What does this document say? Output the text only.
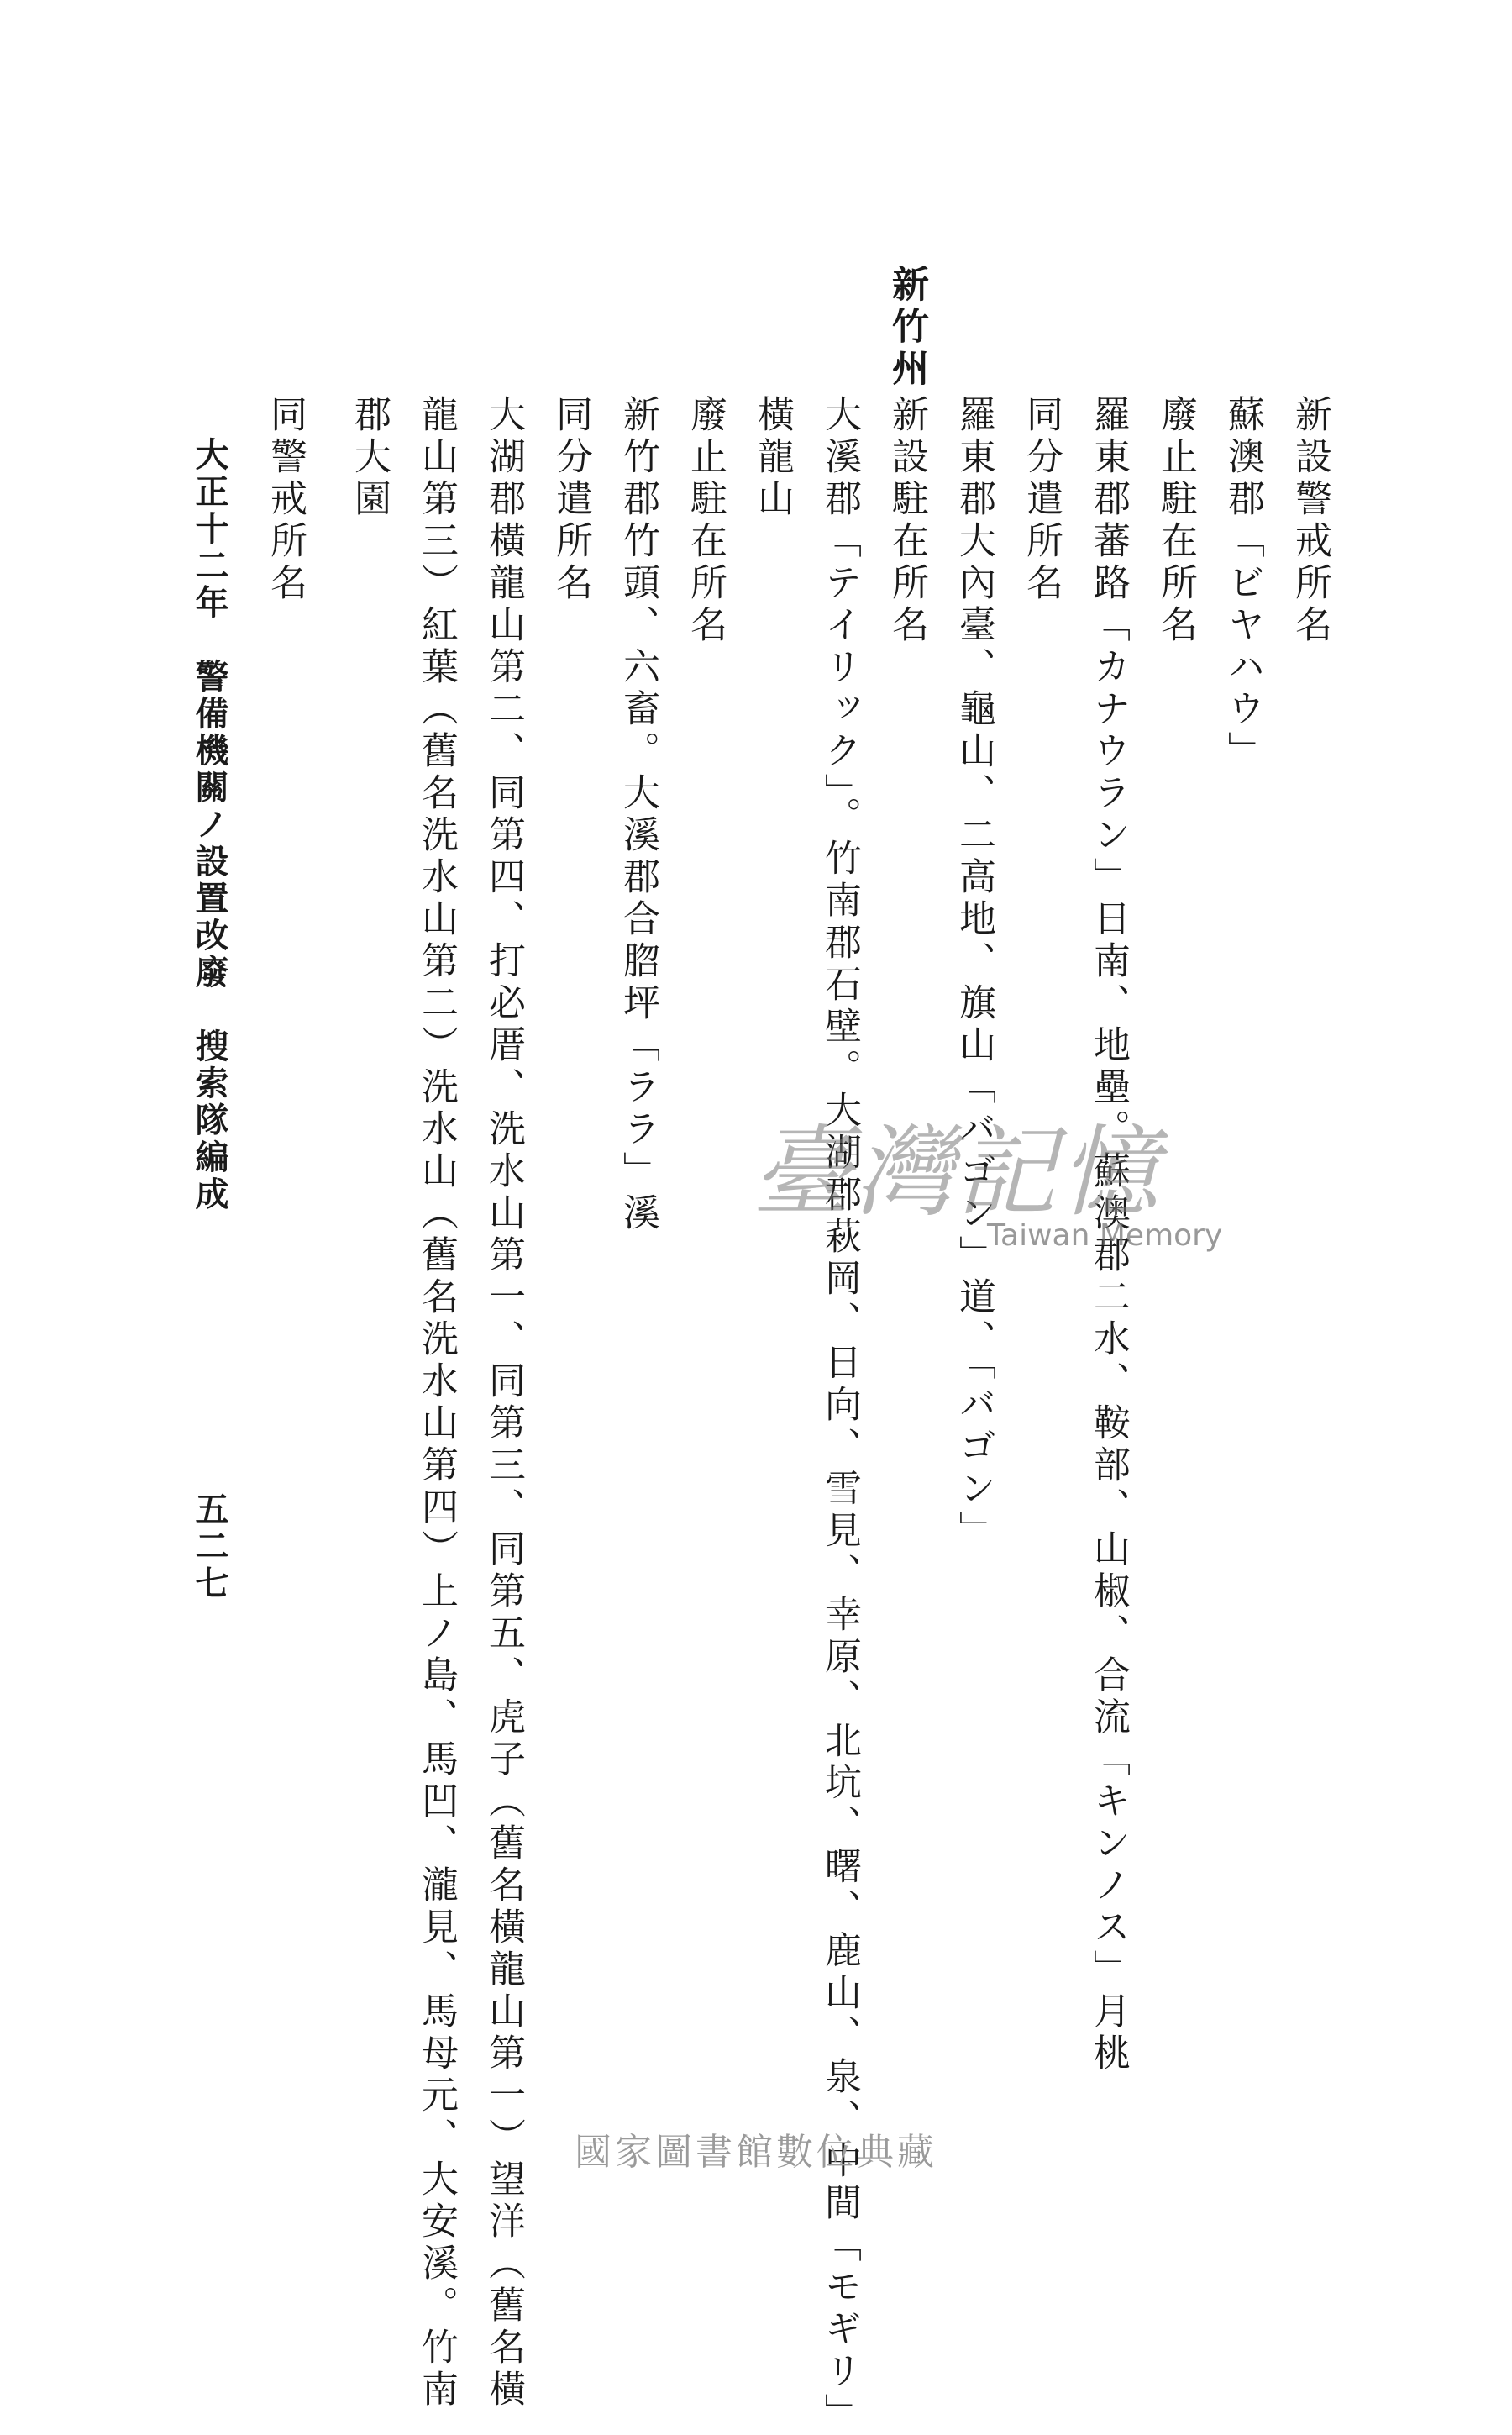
新竹州
新設警戒所名
蘇澳郡「ビヤハウ」
廢止駐在所名
羅東郡蕃路「カナウラン」日南、地壘。蘇澳郡二水、鞍部、山椒、合流「キンノス」月桃
同分遣所名
羅東郡大內臺、龜山、二高地、旗山「バゴン」道、「バゴン」
新設駐在所名
大溪郡「テイリック」。竹南郡石壁。大湖郡萩岡、日向、雪見、幸原、北坑、曙、鹿山、泉、中間「モギリ」
橫龍山
廢止駐在所名
新竹郡竹頭、六畜。大溪郡合脗坪「ララ」溪
同分遣所名
大湖郡橫龍山第二、同第四、打必厝、洗水山第一、同第三、同第五、虎子（舊名橫龍山第一）望洋（舊名橫
龍山第三）紅葉（舊名洗水山第二）洗水山（舊名洗水山第四）上ノ島、馬凹、瀧見、馬母元、大安溪。竹南
郡大園
同警戒所名
大正十二年　警備機關ノ設置改廢　搜索隊編成
五二七
臺灣記憶
Taiwan Memory
國家圖書館數位典藏
